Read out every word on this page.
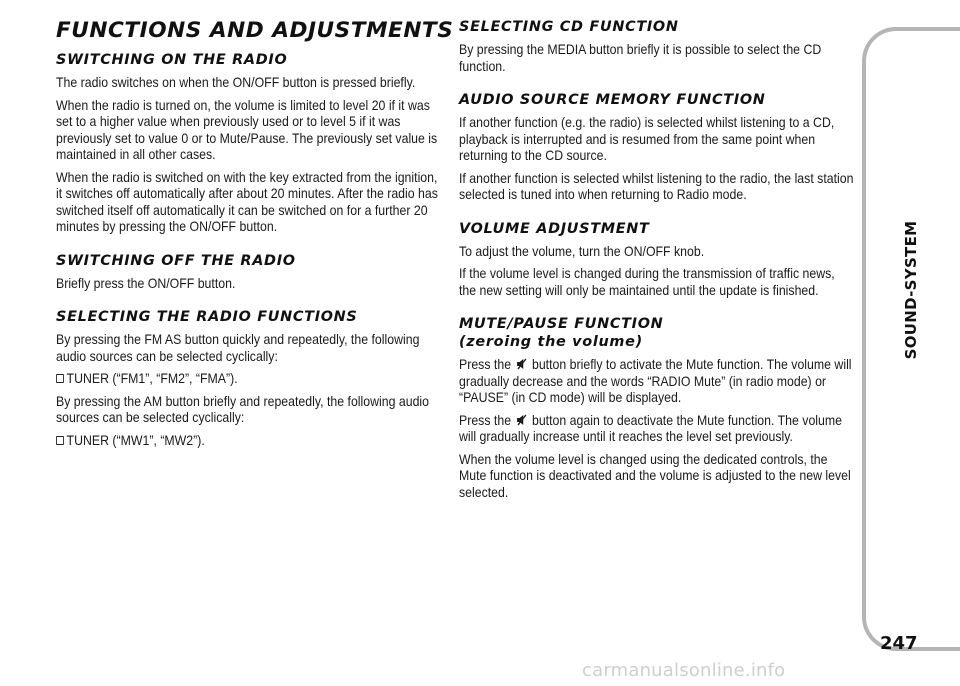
FUNCTIONS AND ADJUSTMENTS
SWITCHING ON THE RADIO

The radio switches on when the ON/OFF button is pressed briefly.

When the radio is turned on, the volume is limited to level 20 if it was set to a higher value when previously used or to level 5 if it was previously set to value 0 or to Mute/Pause. The previously set value is maintained in all other cases.

When the radio is switched on with the key extracted from the ignition, it switches off automatically after about 20 minutes. After the radio has switched itself off automatically it can be switched on for a further 20 minutes by pressing the ON/OFF button.

SWITCHING OFF THE RADIO

Briefly press the ON/OFF button.

SELECTING THE RADIO FUNCTIONS

By pressing the FM AS button quickly and repeatedly, the following audio sources can be selected cyclically:

TUNER (“FM1”, “FM2”, “FMA”).

By pressing the AM button briefly and repeatedly, the following audio sources can be selected cyclically:

TUNER (“MW1”, “MW2”).

SELECTING CD FUNCTION

By pressing the MEDIA button briefly it is possible to select the CD function.

AUDIO SOURCE MEMORY FUNCTION

If another function (e.g. the radio) is selected whilst listening to a CD, playback is interrupted and is resumed from the same point when returning to the CD source.

If another function is selected whilst listening to the radio, the last station selected is tuned into when returning to Radio mode.

VOLUME ADJUSTMENT

To adjust the volume, turn the ON/OFF knob.

If the volume level is changed during the transmission of traffic news, the new setting will only be maintained until the update is finished.

MUTE/PAUSE FUNCTION
(zeroing the volume)

Press the  button briefly to activate the Mute function. The volume will gradually decrease and the words “RADIO Mute” (in radio mode) or “PAUSE” (in CD mode) will be displayed.

Press the  button again to deactivate the Mute function. The volume will gradually increase until it reaches the level set previously.

When the volume level is changed using the dedicated controls, the Mute function is deactivated and the volume is adjusted to the new level selected.

SOUND-SYSTEM
247
carmanualsonline.info
